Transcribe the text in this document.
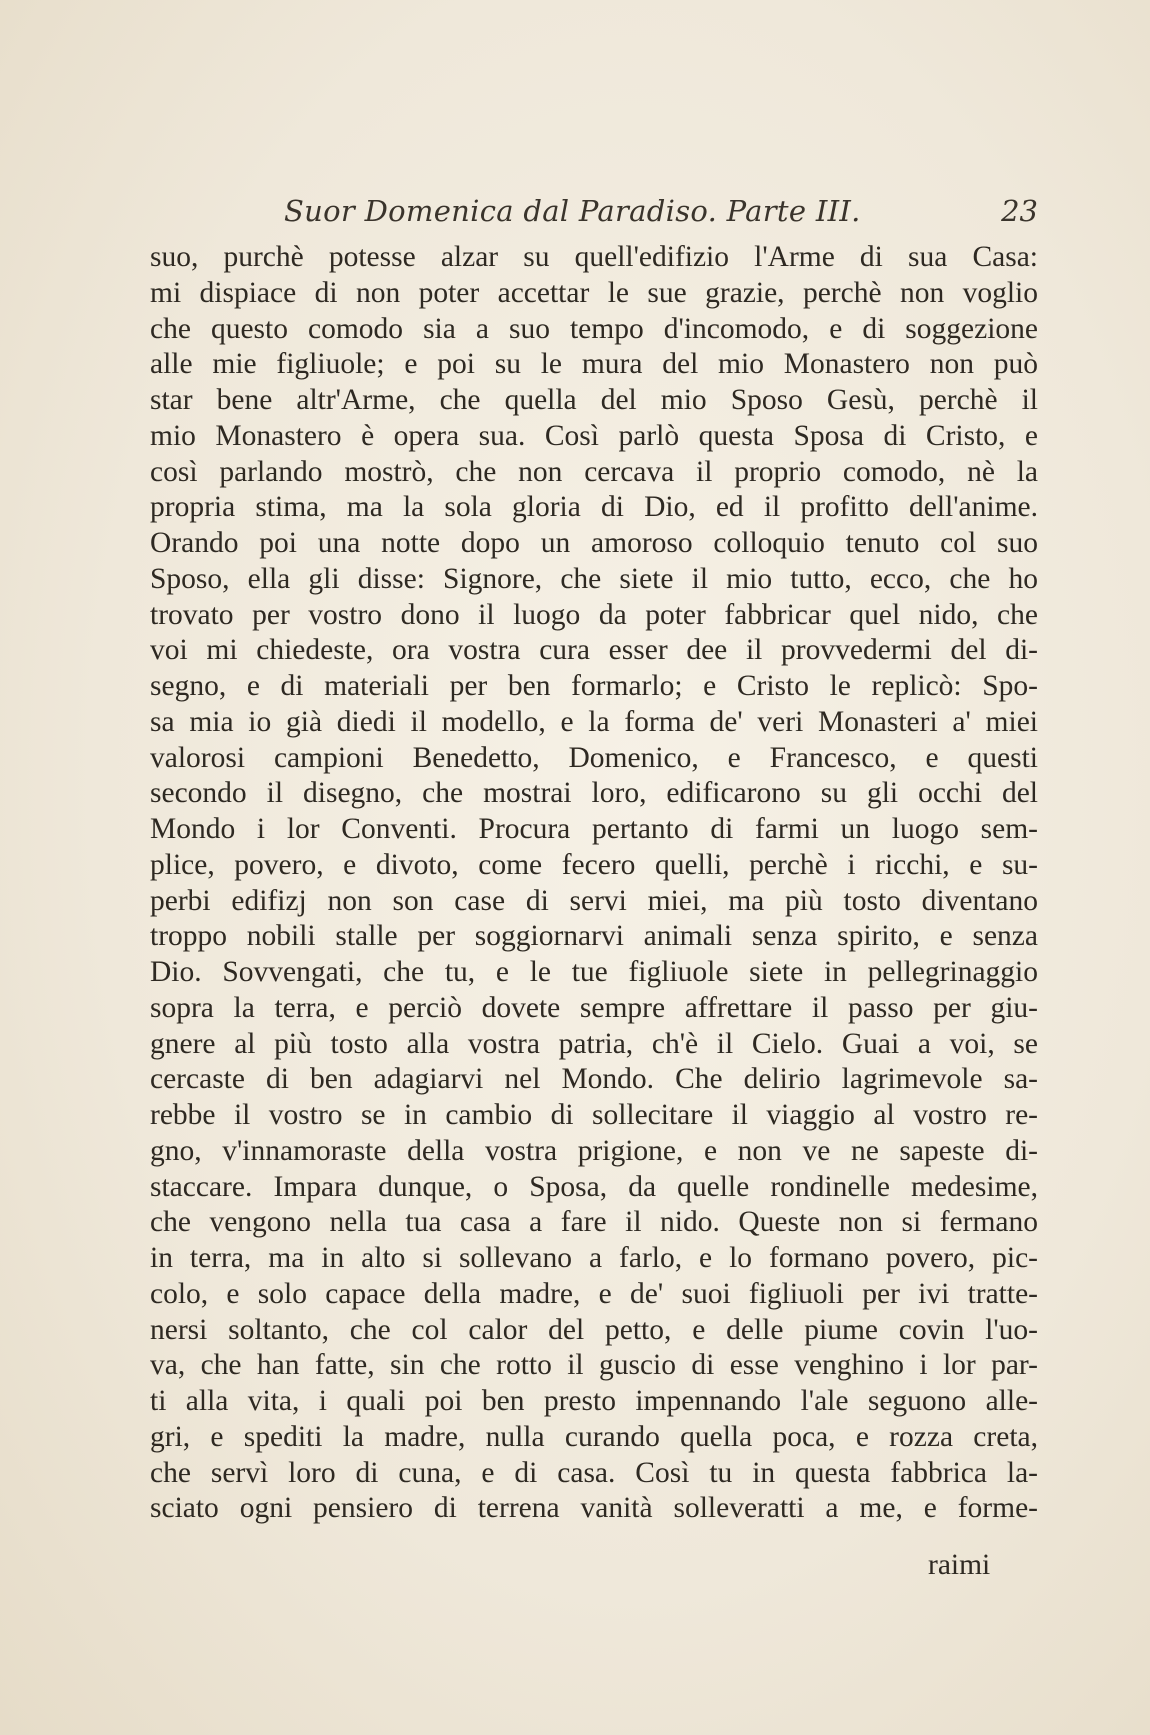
Suor Domenica dal Paradiso. Parte III.	23
suo, purchè potesse alzar su quell'edifizio l'Arme di sua Casa:
mi dispiace di non poter accettar le sue grazie, perchè non voglio
che questo comodo sia a suo tempo d'incomodo, e di soggezione
alle mie figliuole; e poi su le mura del mio Monastero non può
star bene altr'Arme, che quella del mio Sposo Gesù, perchè il
mio Monastero è opera sua. Così parlò questa Sposa di Cristo, e
così parlando mostrò, che non cercava il proprio comodo, nè la
propria stima, ma la sola gloria di Dio, ed il profitto dell'anime.
Orando poi una notte dopo un amoroso colloquio tenuto col suo
Sposo, ella gli disse: Signore, che siete il mio tutto, ecco, che ho
trovato per vostro dono il luogo da poter fabbricar quel nido, che
voi mi chiedeste, ora vostra cura esser dee il provvedermi del di-
segno, e di materiali per ben formarlo; e Cristo le replicò: Spo-
sa mia io già diedi il modello, e la forma de' veri Monasteri a' miei
valorosi campioni Benedetto, Domenico, e Francesco, e questi
secondo il disegno, che mostrai loro, edificarono su gli occhi del
Mondo i lor Conventi. Procura pertanto di farmi un luogo sem-
plice, povero, e divoto, come fecero quelli, perchè i ricchi, e su-
perbi edifizj non son case di servi miei, ma più tosto diventano
troppo nobili stalle per soggiornarvi animali senza spirito, e senza
Dio. Sovvengati, che tu, e le tue figliuole siete in pellegrinaggio
sopra la terra, e perciò dovete sempre affrettare il passo per giu-
gnere al più tosto alla vostra patria, ch'è il Cielo. Guai a voi, se
cercaste di ben adagiarvi nel Mondo. Che delirio lagrimevole sa-
rebbe il vostro se in cambio di sollecitare il viaggio al vostro re-
gno, v'innamoraste della vostra prigione, e non ve ne sapeste di-
staccare. Impara dunque, o Sposa, da quelle rondinelle medesime,
che vengono nella tua casa a fare il nido. Queste non si fermano
in terra, ma in alto si sollevano a farlo, e lo formano povero, pic-
colo, e solo capace della madre, e de' suoi figliuoli per ivi tratte-
nersi soltanto, che col calor del petto, e delle piume covin l'uo-
va, che han fatte, sin che rotto il guscio di esse venghino i lor par-
ti alla vita, i quali poi ben presto impennando l'ale seguono alle-
gri, e spediti la madre, nulla curando quella poca, e rozza creta,
che servì loro di cuna, e di casa. Così tu in questa fabbrica la-
sciato ogni pensiero di terrena vanità solleveratti a me, e forme-
raimi
